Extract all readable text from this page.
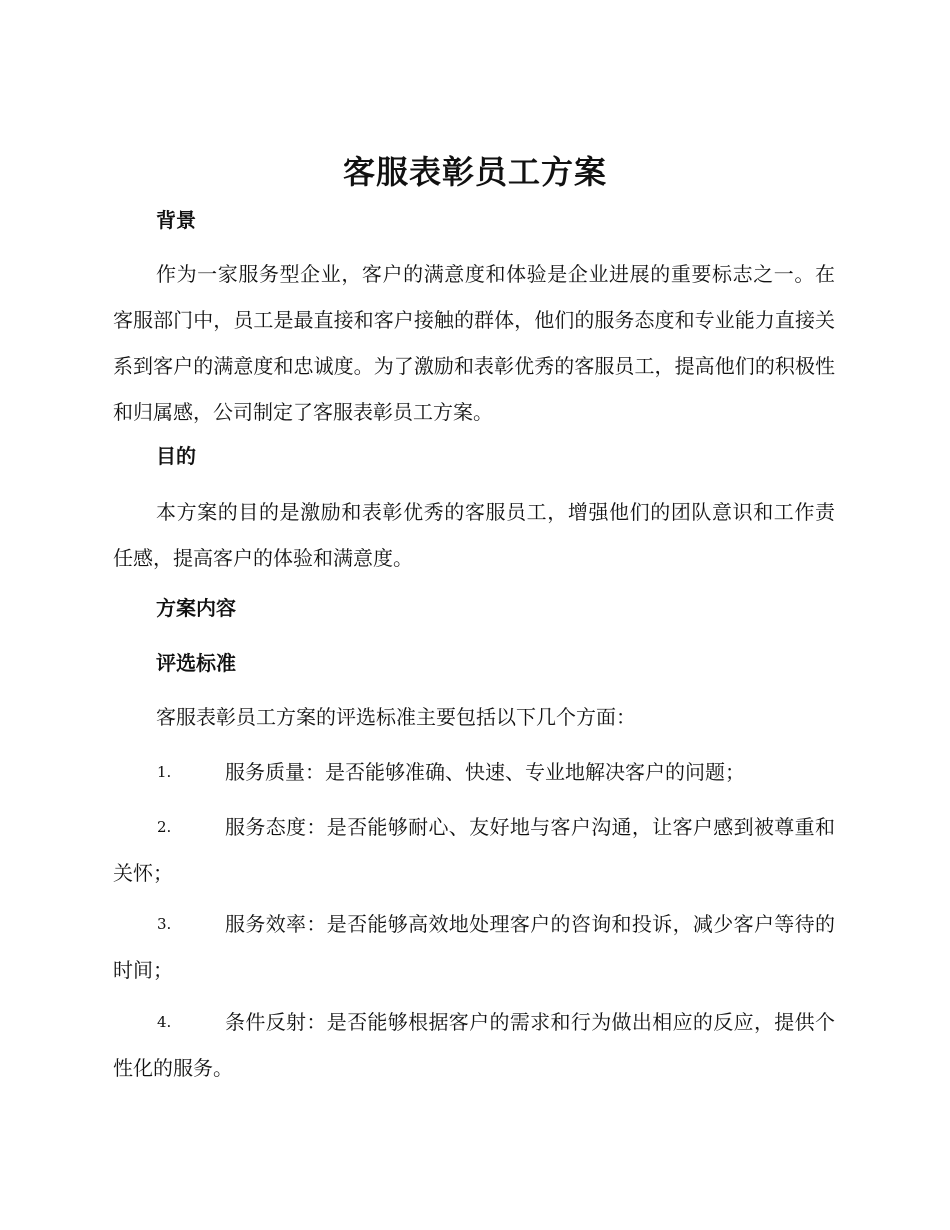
客服表彰员工方案
背景
作为一家服务型企业，客户的满意度和体验是企业进展的重要标志之一。在客服部门中，员工是最直接和客户接触的群体，他们的服务态度和专业能力直接关系到客户的满意度和忠诚度。为了激励和表彰优秀的客服员工，提高他们的积极性和归属感，公司制定了客服表彰员工方案。
目的
本方案的目的是激励和表彰优秀的客服员工，增强他们的团队意识和工作责任感，提高客户的体验和满意度。
方案内容
评选标准
客服表彰员工方案的评选标准主要包括以下几个方面：
1.	服务质量：是否能够准确、快速、专业地解决客户的问题；
2.	服务态度：是否能够耐心、友好地与客户沟通，让客户感到被尊重和关怀；
3.	服务效率：是否能够高效地处理客户的咨询和投诉，减少客户等待的时间；
4.	条件反射：是否能够根据客户的需求和行为做出相应的反应，提供个性化的服务。
